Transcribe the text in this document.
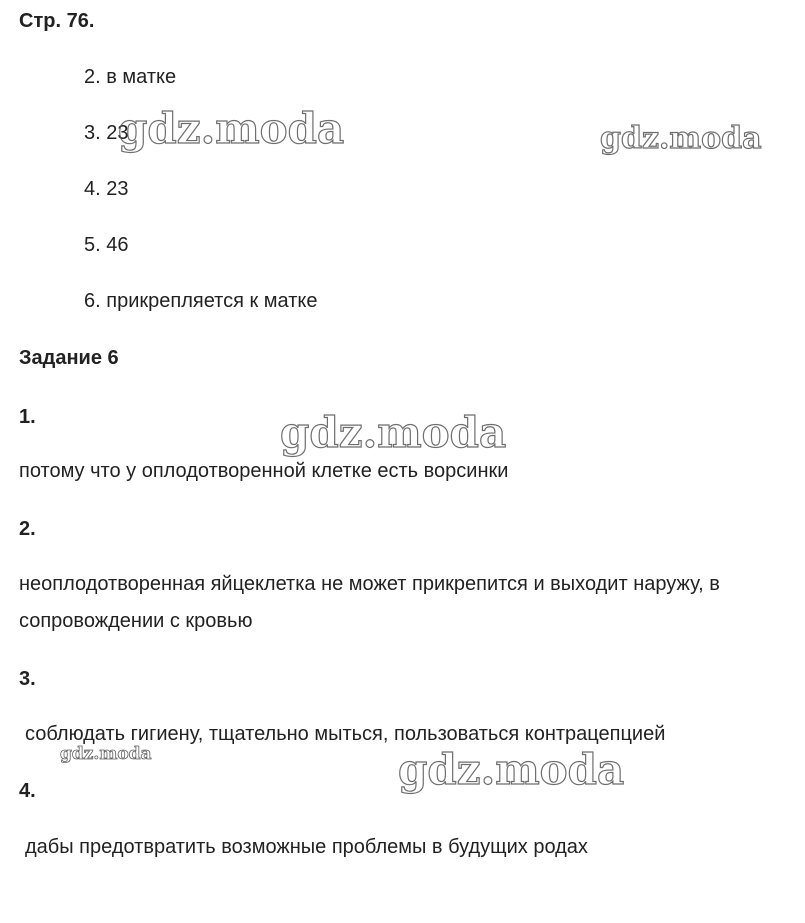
Стр. 76.
2. в матке
3. 23
4. 23
5. 46
6. прикрепляется к матке
Задание 6
1.
потому что у оплодотворенной клетке есть ворсинки
2.
неоплодотворенная яйцеклетка не может прикрепится и выходит наружу, в
сопровождении с кровью
3.
соблюдать гигиену, тщательно мыться, пользоваться контрацепцией
4.
дабы предотвратить возможные проблемы в будущих родах
gdz.moda	gdz.moda
gdz.moda
gdz.moda	gdz.moda
